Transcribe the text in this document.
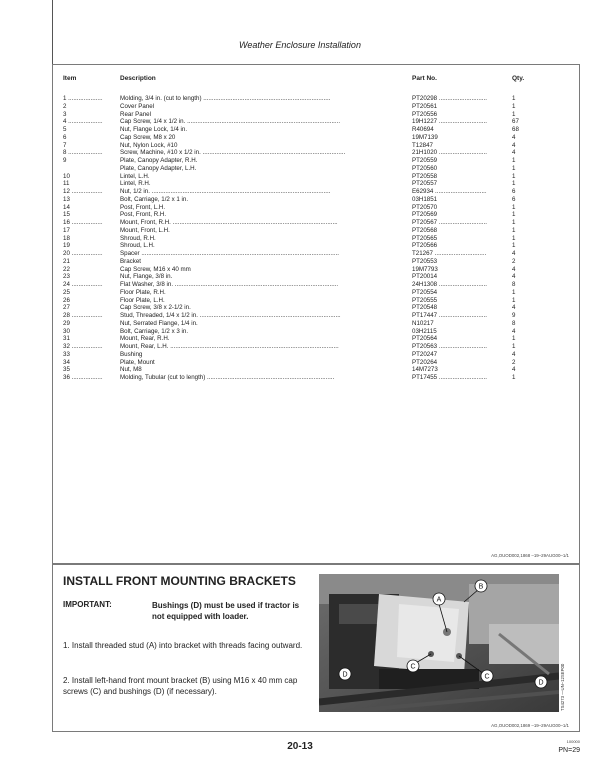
Weather Enclosure Installation
Item	Description	Part No.	Qty.
1 ....................	Molding, 3/4 in. (cut to length) ..........................................................................	PT20298 ............................	1
2	Cover Panel	PT20561	1
3	Rear Panel	PT20556	1
4 ....................	Cap Screw, 1/4 x 1/2 in. .........................................................................................	19H1227 ............................	67
5	Nut, Flange Lock, 1/4 in.	R40694	68
6	Cap Screw, M8 x 20	19M7139	4
7	Nut, Nylon Lock, #10	T12847	4
8 ....................	Screw, Machine, #10 x 1/2 in. ...................................................................................	21H1020 ............................	4
9	Plate, Canopy Adapter, R.H.	PT20559	1
Plate, Canopy Adapter, L.H.	PT20560	1
10	Lintel, L.H.	PT20558	1
11	Lintel, R.H.	PT20557	1
12 ..................	Nut, 1/2 in. ........................................................................................................	E62934 ..............................	6
13	Bolt, Carriage, 1/2 x 1 in.	03H1851	6
14	Post, Front, L.H.	PT20570	1
15	Post, Front, R.H.	PT20569	1
16 ..................	Mount, Front, R.H. ................................................................................................	PT20567 ............................	1
17	Mount, Front, L.H.	PT20568	1
18	Shroud, R.H.	PT20565	1
19	Shroud, L.H.	PT20566	1
20 ..................	Spacer ...................................................................................................................	T21267 ..............................	4
21	Bracket	PT20553	2
22	Cap Screw, M16 x 40 mm	19M7793	4
23	Nut, Flange, 3/8 in.	PT20014	4
24 ..................	Flat Washer, 3/8 in. ...............................................................................................	24H1308 ............................	8
25	Floor Plate, R.H.	PT20554	1
26	Floor Plate, L.H.	PT20555	1
27	Cap Screw, 3/8 x 2-1/2 in.	PT20548	4
28 ..................	Stud, Threaded, 1/4 x 1/2 in. ..................................................................................	PT17447 ............................	9
29	Nut, Serrated Flange, 1/4 in.	N10217	8
30	Bolt, Carriage, 1/2 x 3 in.	03H2115	4
31	Mount, Rear, R.H.	PT20564	1
32 ..................	Mount, Rear, L.H. ..................................................................................................	PT20563 ............................	1
33	Bushing	PT20247	4
34	Plate, Mount	PT20264	2
35	Nut, M8	14M7273	4
36 ..................	Molding, Tubular (cut to length) ..........................................................................	PT17455 ............................	1
AG,OUOD002,1868 –19–29AUG00–1/1
INSTALL FRONT MOUNTING BRACKETS
IMPORTANT:	Bushings (D) must be used if tractor is not equipped with loader.
1. Install threaded stud (A) into bracket with threads facing outward.
2. Install left-hand front mount bracket (B) using M16 x 40 mm cap screws (C) and bushings (D) (if necessary).
A
B
C
C
D
D	TS4273 —UN–12SEP00
AG,OUOD002,1869 –19–29AUG00–1/1
20-13	100000
PN=29
